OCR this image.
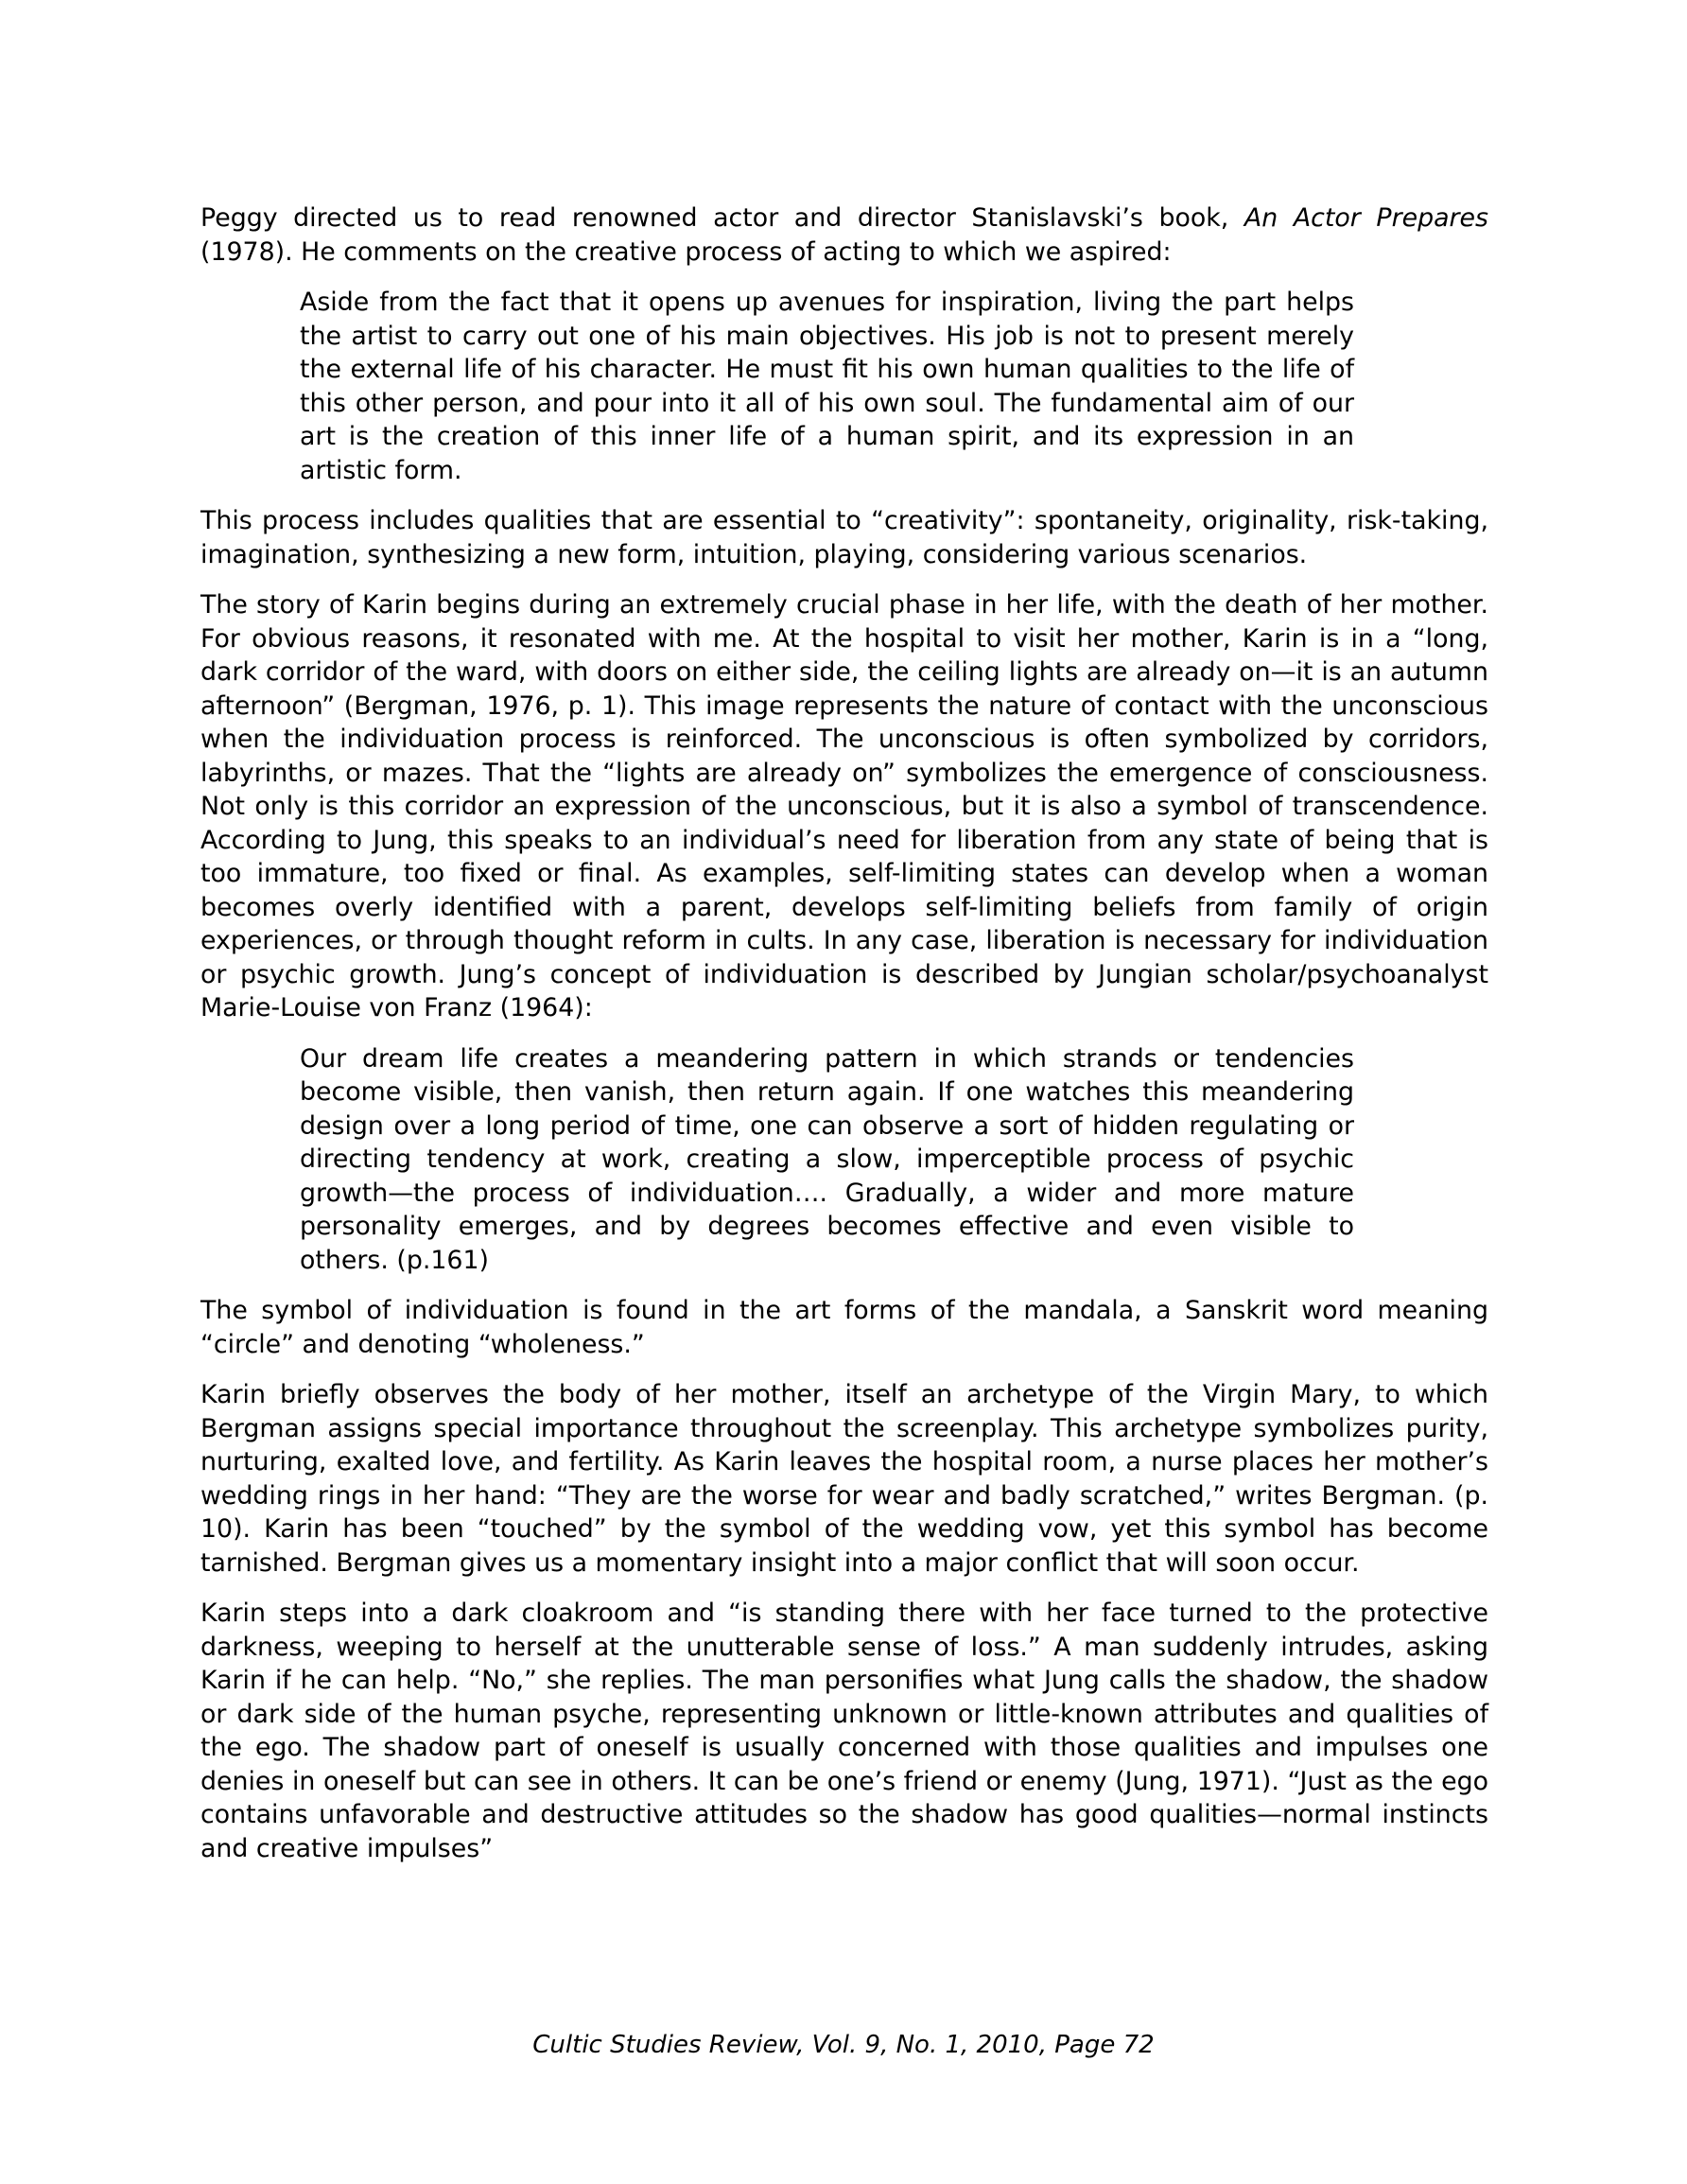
Peggy directed us to read renowned actor and director Stanislavski’s book, An Actor Prepares (1978). He comments on the creative process of acting to which we aspired:

Aside from the fact that it opens up avenues for inspiration, living the part helps the artist to carry out one of his main objectives. His job is not to present merely the external life of his character. He must fit his own human qualities to the life of this other person, and pour into it all of his own soul. The fundamental aim of our art is the creation of this inner life of a human spirit, and its expression in an artistic form.

This process includes qualities that are essential to “creativity”: spontaneity, originality, risk-taking, imagination, synthesizing a new form, intuition, playing, considering various scenarios.

The story of Karin begins during an extremely crucial phase in her life, with the death of her mother. For obvious reasons, it resonated with me. At the hospital to visit her mother, Karin is in a “long, dark corridor of the ward, with doors on either side, the ceiling lights are already on—it is an autumn afternoon” (Bergman, 1976, p. 1). This image represents the nature of contact with the unconscious when the individuation process is reinforced. The unconscious is often symbolized by corridors, labyrinths, or mazes. That the “lights are already on” symbolizes the emergence of consciousness. Not only is this corridor an expression of the unconscious, but it is also a symbol of transcendence. According to Jung, this speaks to an individual’s need for liberation from any state of being that is too immature, too fixed or final. As examples, self-limiting states can develop when a woman becomes overly identified with a parent, develops self-limiting beliefs from family of origin experiences, or through thought reform in cults. In any case, liberation is necessary for individuation or psychic growth. Jung’s concept of individuation is described by Jungian scholar/psychoanalyst Marie-Louise von Franz (1964):

Our dream life creates a meandering pattern in which strands or tendencies become visible, then vanish, then return again. If one watches this meandering design over a long period of time, one can observe a sort of hidden regulating or directing tendency at work, creating a slow, imperceptible process of psychic growth—the process of individuation…. Gradually, a wider and more mature personality emerges, and by degrees becomes effective and even visible to others. (p.161)

The symbol of individuation is found in the art forms of the mandala, a Sanskrit word meaning “circle” and denoting “wholeness.”

Karin briefly observes the body of her mother, itself an archetype of the Virgin Mary, to which Bergman assigns special importance throughout the screenplay. This archetype symbolizes purity, nurturing, exalted love, and fertility. As Karin leaves the hospital room, a nurse places her mother’s wedding rings in her hand: “They are the worse for wear and badly scratched,” writes Bergman. (p. 10). Karin has been “touched” by the symbol of the wedding vow, yet this symbol has become tarnished. Bergman gives us a momentary insight into a major conflict that will soon occur.

Karin steps into a dark cloakroom and “is standing there with her face turned to the protective darkness, weeping to herself at the unutterable sense of loss.” A man suddenly intrudes, asking Karin if he can help. “No,” she replies. The man personifies what Jung calls the shadow, the shadow or dark side of the human psyche, representing unknown or little-known attributes and qualities of the ego. The shadow part of oneself is usually concerned with those qualities and impulses one denies in oneself but can see in others. It can be one’s friend or enemy (Jung, 1971). “Just as the ego contains unfavorable and destructive attitudes so the shadow has good qualities—normal instincts and creative impulses”

Cultic Studies Review, Vol. 9, No. 1, 2010, Page 72
